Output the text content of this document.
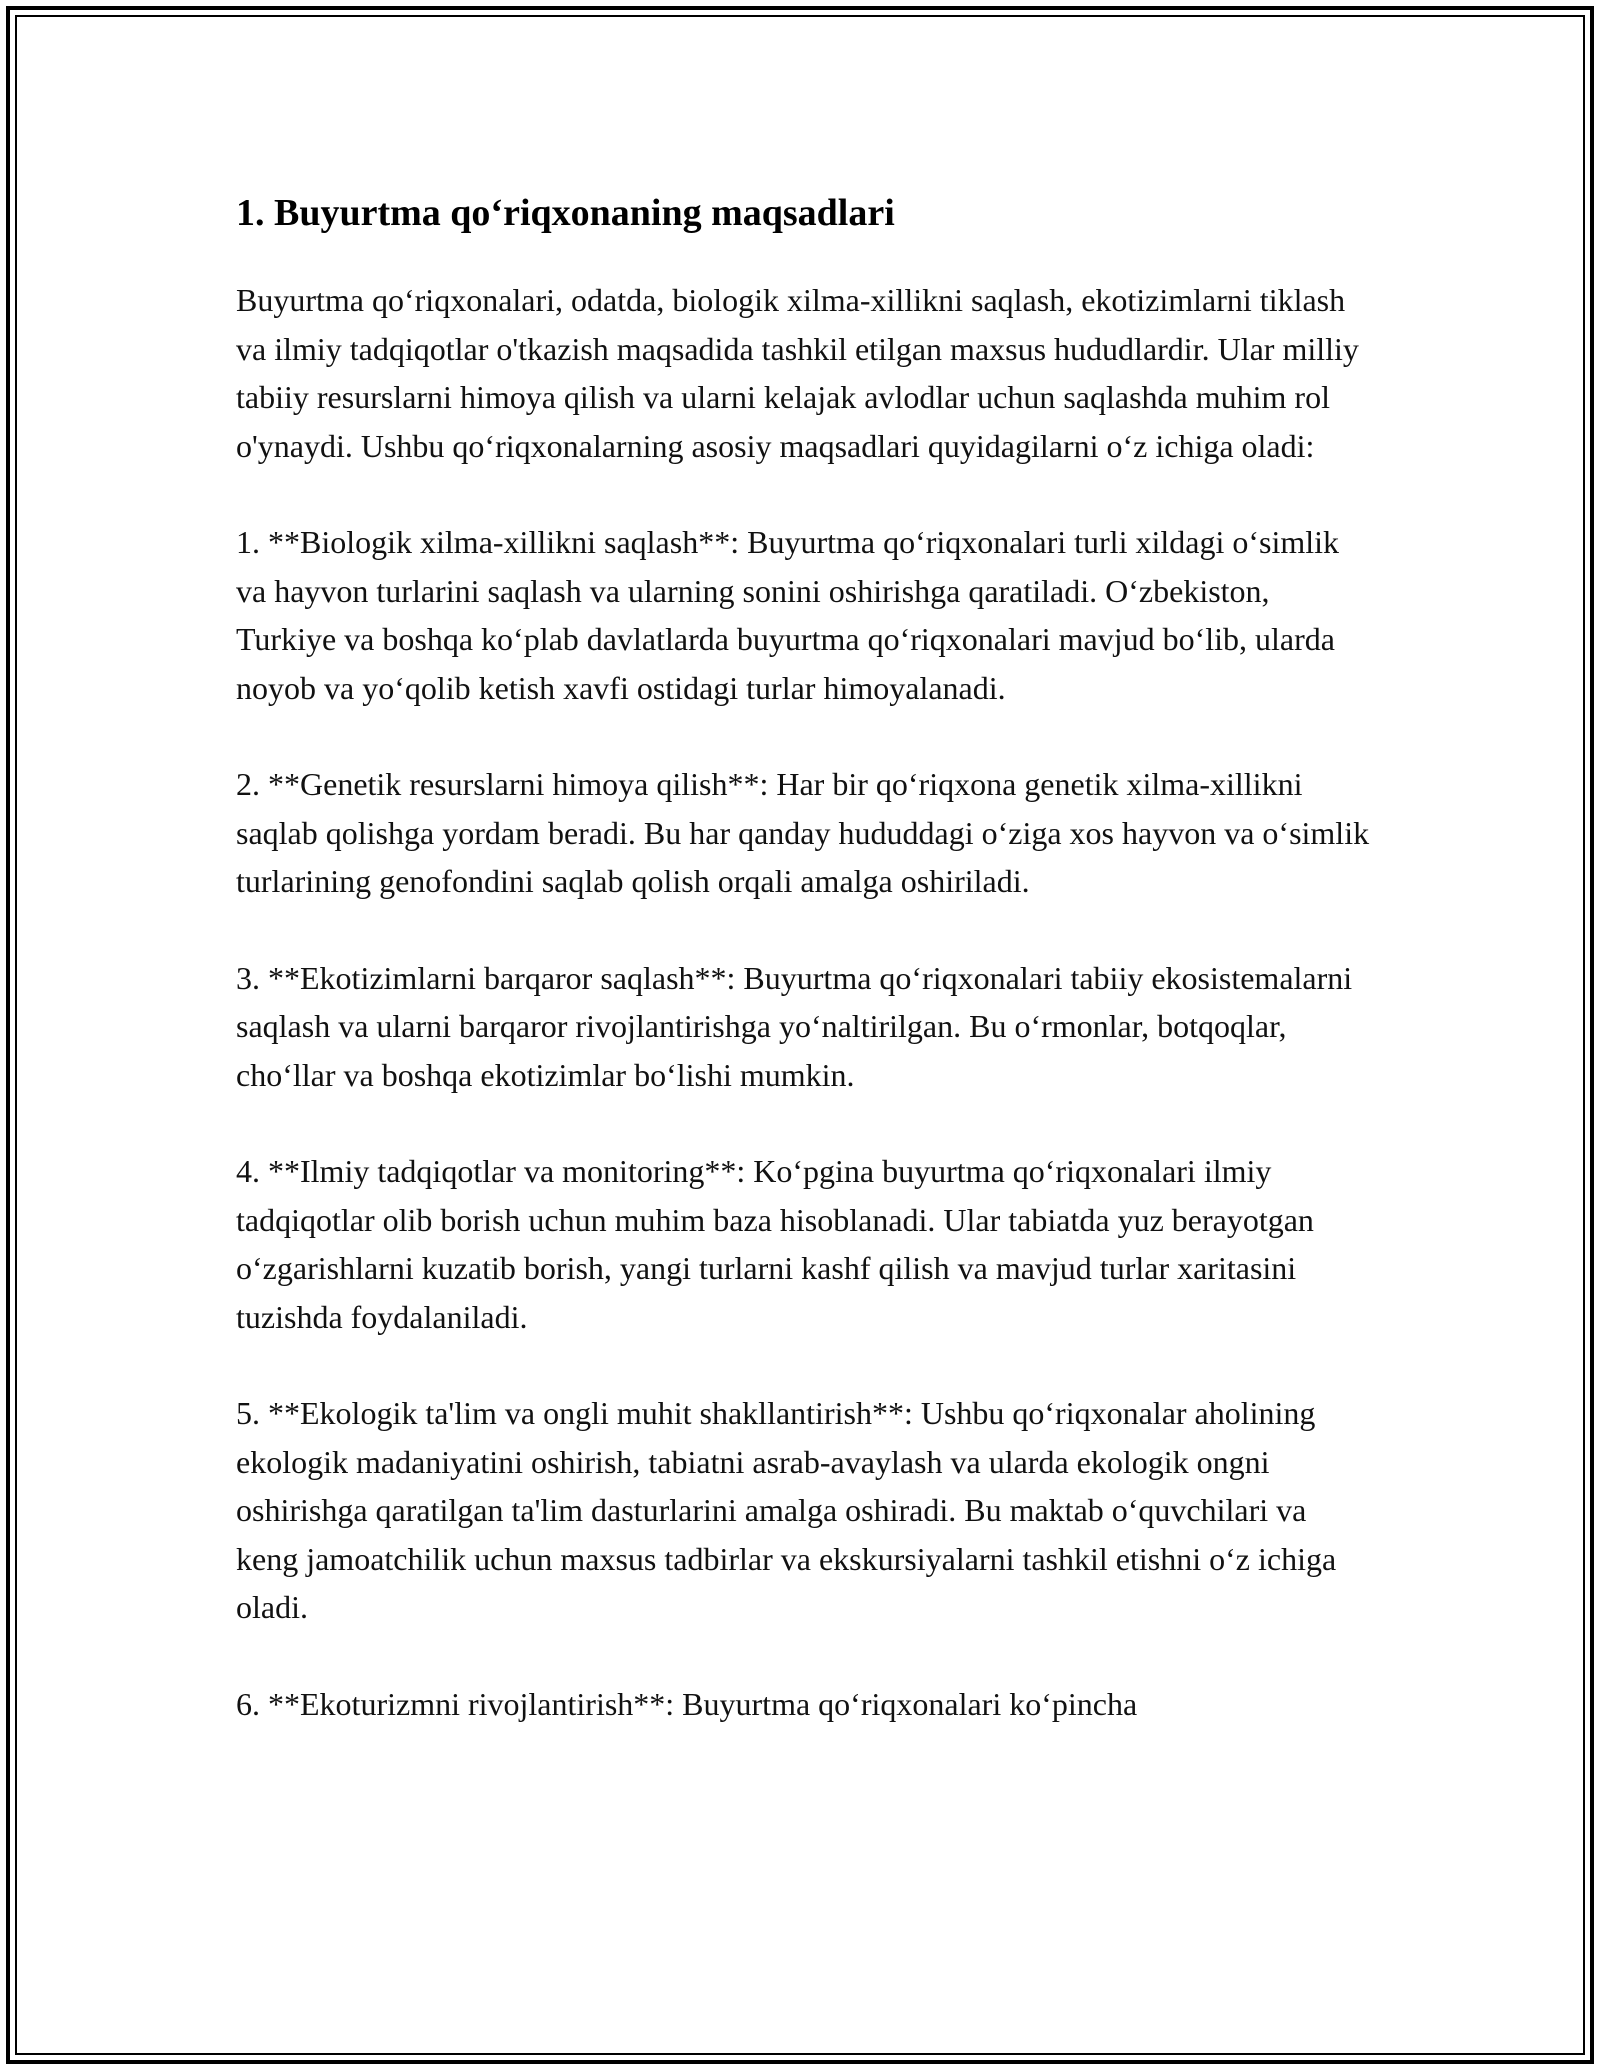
1. Buyurtma qo‘riqxonaning maqsadlari

Buyurtma qo‘riqxonalari, odatda, biologik xilma-xillikni saqlash, ekotizimlarni tiklash va ilmiy tadqiqotlar o'tkazish maqsadida tashkil etilgan maxsus hududlardir. Ular milliy tabiiy resurslarni himoya qilish va ularni kelajak avlodlar uchun saqlashda muhim rol o'ynaydi. Ushbu qo‘riqxonalarning asosiy maqsadlari quyidagilarni o‘z ichiga oladi:

1. **Biologik xilma-xillikni saqlash**: Buyurtma qo‘riqxonalari turli xildagi o‘simlik va hayvon turlarini saqlash va ularning sonini oshirishga qaratiladi. O‘zbekiston, Turkiye va boshqa ko‘plab davlatlarda buyurtma qo‘riqxonalari mavjud bo‘lib, ularda noyob va yo‘qolib ketish xavfi ostidagi turlar himoyalanadi.

2. **Genetik resurslarni himoya qilish**: Har bir qo‘riqxona genetik xilma-xillikni saqlab qolishga yordam beradi. Bu har qanday hududdagi o‘ziga xos hayvon va o‘simlik turlarining genofondini saqlab qolish orqali amalga oshiriladi.

3. **Ekotizimlarni barqaror saqlash**: Buyurtma qo‘riqxonalari tabiiy ekosistemalarni saqlash va ularni barqaror rivojlantirishga yo‘naltirilgan. Bu o‘rmonlar, botqoqlar, cho‘llar va boshqa ekotizimlar bo‘lishi mumkin.

4. **Ilmiy tadqiqotlar va monitoring**: Ko‘pgina buyurtma qo‘riqxonalari ilmiy tadqiqotlar olib borish uchun muhim baza hisoblanadi. Ular tabiatda yuz berayotgan o‘zgarishlarni kuzatib borish, yangi turlarni kashf qilish va mavjud turlar xaritasini tuzishda foydalaniladi.

5. **Ekologik ta'lim va ongli muhit shakllantirish**: Ushbu qo‘riqxonalar aholining ekologik madaniyatini oshirish, tabiatni asrab-avaylash va ularda ekologik ongni oshirishga qaratilgan ta'lim dasturlarini amalga oshiradi. Bu maktab o‘quvchilari va keng jamoatchilik uchun maxsus tadbirlar va ekskursiyalarni tashkil etishni o‘z ichiga oladi.

6. **Ekoturizmni rivojlantirish**: Buyurtma qo‘riqxonalari ko‘pincha
